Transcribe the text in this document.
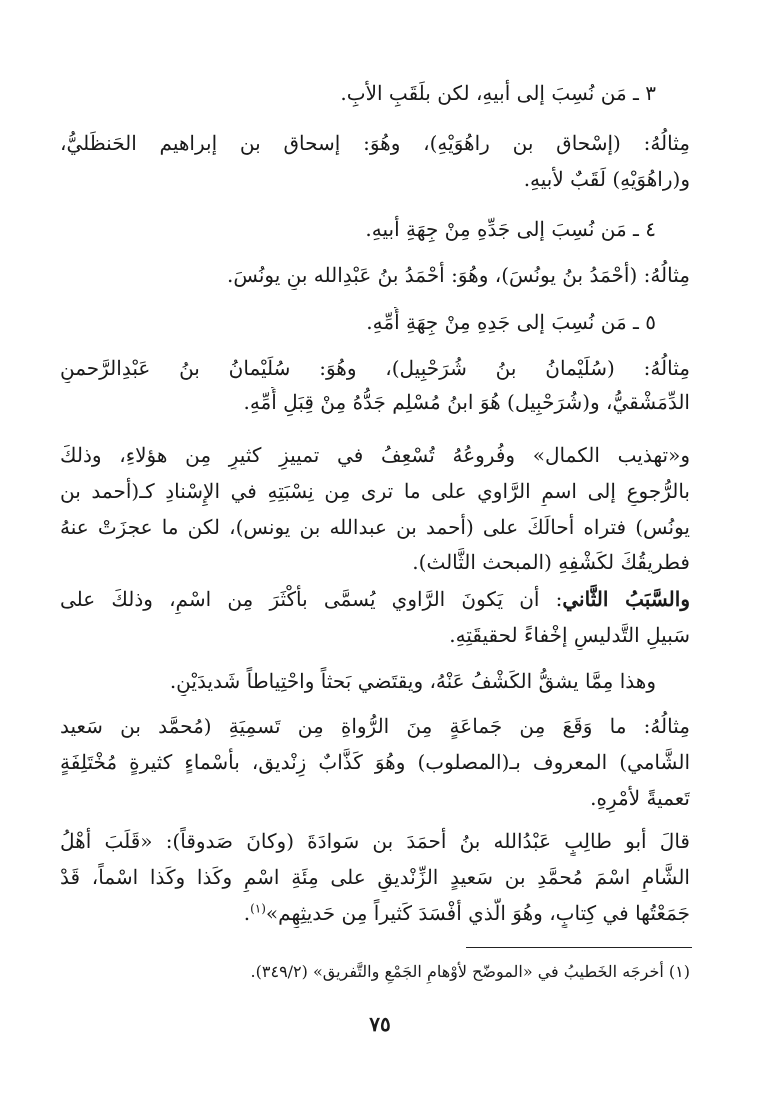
٣ ـ مَن نُسِبَ إلى أبيهِ، لكن بلَقَبِ الأبِ.
مِثالُهُ: (إسْحاق بن راهُوَيْهِ)، وهُوَ: إسحاق بن إبراهيم الحَنظَليُّ،
و(راهُوَيْهِ) لَقَبٌ لأبيهِ.
٤ ـ مَن نُسِبَ إلى جَدِّهِ مِنْ جِهَةِ أبيهِ.
مِثالُهُ: (أحْمَدُ بنُ يونُسَ)، وهُوَ: أحْمَدُ بنُ عَبْدِالله بنِ يونُسَ.
٥ ـ مَن نُسِبَ إلى جَدِهِ مِنْ جِهَةِ أُمِّهِ.
مِثالُهُ: (سُلَيْمانُ بنُ شُرَحْبِيل)، وهُوَ: سُلَيْمانُ بنُ عَبْدِالرَّحمنِ
الدِّمَشْقيُّ، و(شُرَحْبِيل) هُوَ ابنُ مُسْلِم جَدُّهُ مِنْ قِبَلِ أُمِّهِ.
و«تهذيب الكمال» وفُروعُهُ تُسْعِفُ في تمييزِ كثيرٍ مِن هؤلاءِ، وذلكَ
بالرُّجوعِ إلى اسمِ الرَّاوي على ما ترى مِن نِسْبَتِهِ في الإِسْنادِ كـ(أحمد بن
يونُس) فتراه أحالَكَ على (أحمد بن عبدالله بن يونس)، لكن ما عجزَتْ عنهُ
فطريقُكَ لكَشْفِهِ (المبحث الثَّالث).
والسَّبَبُ الثَّاني: أن يَكونَ الرَّاوي يُسمَّى بأكْثَرَ مِن اسْمٍ، وذلكَ على
سَبيلِ التَّدليسِ إخْفاءً لحقيقَتِهِ.
وهذا مِمَّا يشقُّ الكَشْفُ عَنْهُ، ويقتَضي بَحثاً واحْتِياطاً شَديدَيْنِ.
مِثالُهُ: ما وَقَعَ مِن جَماعَةٍ مِنَ الرُّواةِ مِن تَسمِيَةِ (مُحمَّد بن سَعيد
الشَّامي) المعروف بـ(المصلوب) وهُوَ كَذَّابٌ زِنْديق، بأسْماءٍ كثيرةٍ مُخْتَلِفَةٍ
تَعميةً لأمْرِهِ.
قالَ أبو طالِبٍ عَبْدُالله بنُ أحمَدَ بن سَوادَةَ (وكانَ صَدوقاً): «قَلَبَ أهْلُ
الشَّامِ اسْمَ مُحمَّدِ بن سَعيدٍ الزِّنْديقِ على مِئَةِ اسْمٍ وكَذا وكَذا اسْماً، قَدْ
جَمَعْتُها في كِتابٍ، وهُوَ الَّذي أفْسَدَ كَثيراً مِن حَديثِهِم»$^{(١)}$.
(١) أخرجَه الخَطيبُ في «الموضّح لأوْهامِ الجَمْعِ والتَّفريق» (٣٤٩/٢).
٧٥
